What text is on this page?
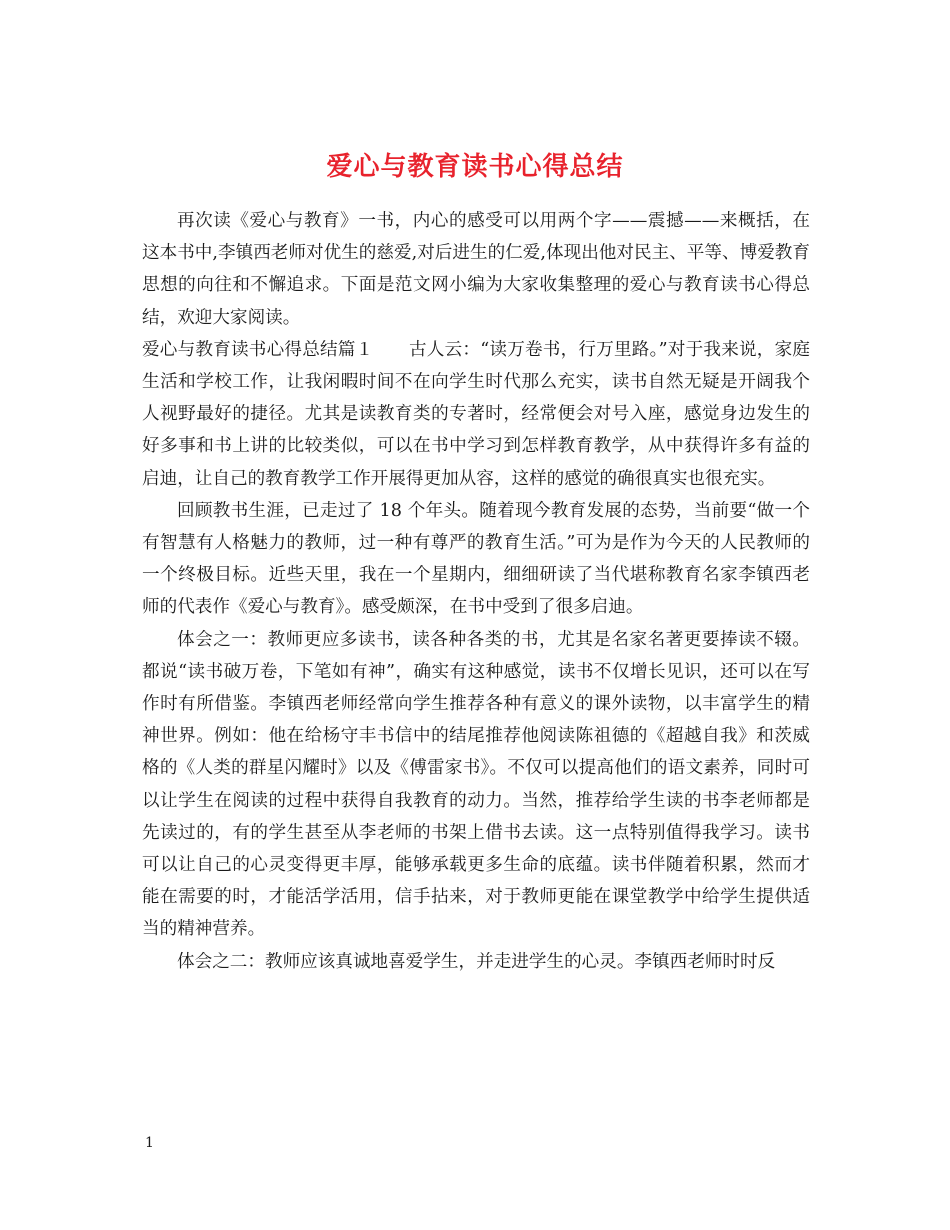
爱心与教育读书心得总结

再次读《爱心与教育》一书，内心的感受可以用两个字——震撼——来概括，在这本书中,李镇西老师对优生的慈爱,对后进生的仁爱,体现出他对民主、平等、博爱教育思想的向往和不懈追求。下面是范文网小编为大家收集整理的爱心与教育读书心得总结，欢迎大家阅读。

爱心与教育读书心得总结篇１　　古人云：“读万卷书，行万里路。”对于我来说，家庭生活和学校工作，让我闲暇时间不在向学生时代那么充实，读书自然无疑是开阔我个人视野最好的捷径。尤其是读教育类的专著时，经常便会对号入座，感觉身边发生的好多事和书上讲的比较类似，可以在书中学习到怎样教育教学，从中获得许多有益的启迪，让自己的教育教学工作开展得更加从容，这样的感觉的确很真实也很充实。

回顾教书生涯，已走过了 18 个年头。随着现今教育发展的态势，当前要“做一个有智慧有人格魅力的教师，过一种有尊严的教育生活。”可为是作为今天的人民教师的一个终极目标。近些天里，我在一个星期内，细细研读了当代堪称教育名家李镇西老师的代表作《爱心与教育》。感受颇深，在书中受到了很多启迪。

体会之一：教师更应多读书，读各种各类的书，尤其是名家名著更要捧读不辍。都说“读书破万卷，下笔如有神”，确实有这种感觉，读书不仅增长见识，还可以在写作时有所借鉴。李镇西老师经常向学生推荐各种有意义的课外读物，以丰富学生的精神世界。例如：他在给杨守丰书信中的结尾推荐他阅读陈祖德的《超越自我》和茨威格的《人类的群星闪耀时》以及《傅雷家书》。不仅可以提高他们的语文素养，同时可以让学生在阅读的过程中获得自我教育的动力。当然，推荐给学生读的书李老师都是先读过的，有的学生甚至从李老师的书架上借书去读。这一点特别值得我学习。读书可以让自己的心灵变得更丰厚，能够承载更多生命的底蕴。读书伴随着积累，然而才能在需要的时，才能活学活用，信手拈来，对于教师更能在课堂教学中给学生提供适当的精神营养。

体会之二：教师应该真诚地喜爱学生，并走进学生的心灵。李镇西老师时时反

1
